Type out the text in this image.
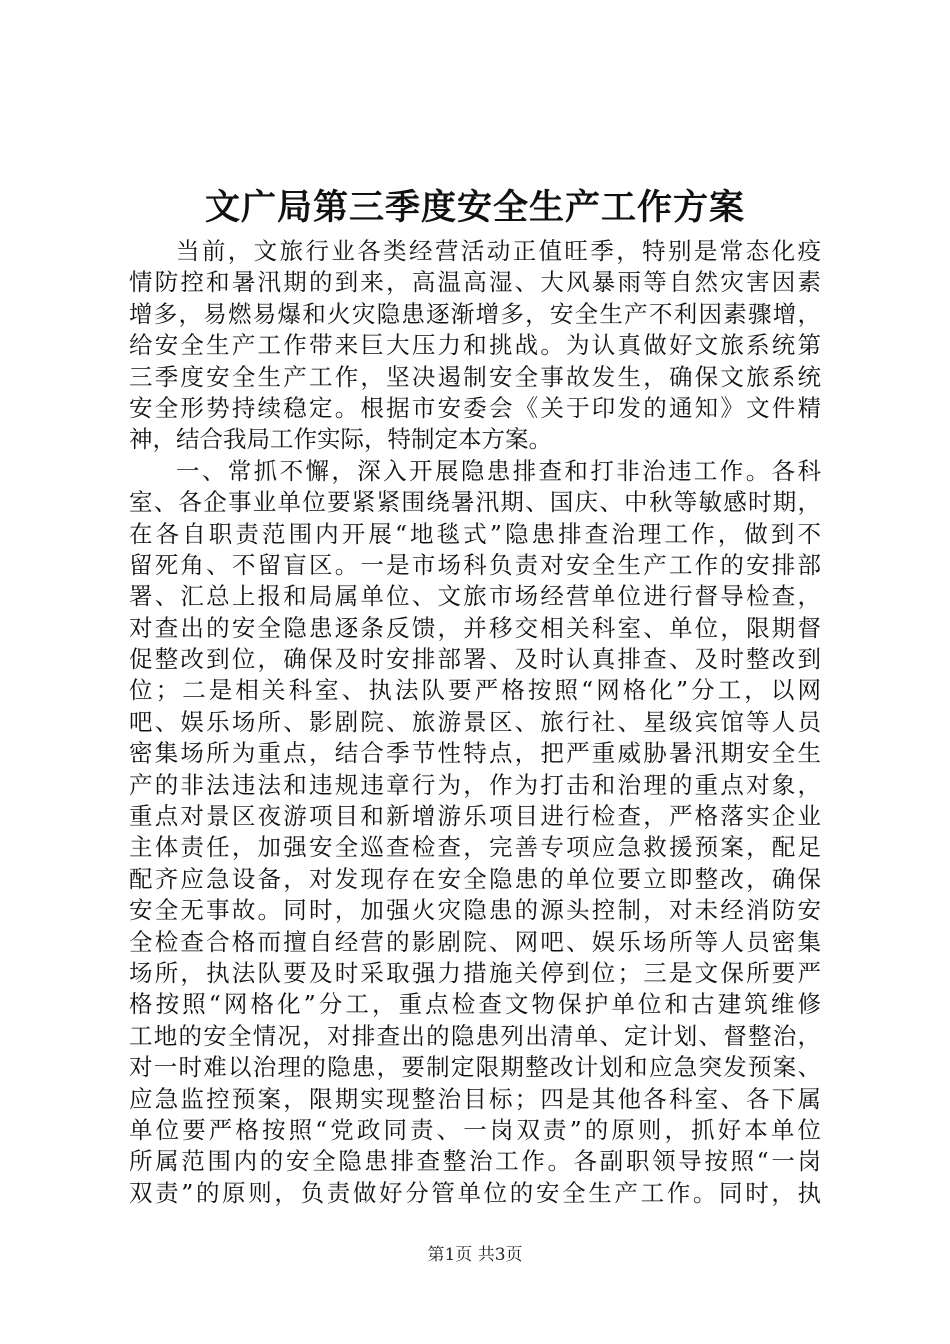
文广局第三季度安全生产工作方案
当前，文旅行业各类经营活动正值旺季，特别是常态化疫
情防控和暑汛期的到来，高温高湿、大风暴雨等自然灾害因素
增多，易燃易爆和火灾隐患逐渐增多，安全生产不利因素骤增，
给安全生产工作带来巨大压力和挑战。为认真做好文旅系统第
三季度安全生产工作，坚决遏制安全事故发生，确保文旅系统
安全形势持续稳定。根据市安委会《关于印发的通知》文件精
神，结合我局工作实际，特制定本方案。
一、常抓不懈，深入开展隐患排查和打非治违工作。各科
室、各企事业单位要紧紧围绕暑汛期、国庆、中秋等敏感时期，
在各自职责范围内开展“地毯式”隐患排查治理工作，做到不
留死角、不留盲区。一是市场科负责对安全生产工作的安排部
署、汇总上报和局属单位、文旅市场经营单位进行督导检查，
对查出的安全隐患逐条反馈，并移交相关科室、单位，限期督
促整改到位，确保及时安排部署、及时认真排查、及时整改到
位；二是相关科室、执法队要严格按照“网格化”分工，以网
吧、娱乐场所、影剧院、旅游景区、旅行社、星级宾馆等人员
密集场所为重点，结合季节性特点，把严重威胁暑汛期安全生
产的非法违法和违规违章行为，作为打击和治理的重点对象，
重点对景区夜游项目和新增游乐项目进行检查，严格落实企业
主体责任，加强安全巡查检查，完善专项应急救援预案，配足
配齐应急设备，对发现存在安全隐患的单位要立即整改，确保
安全无事故。同时，加强火灾隐患的源头控制，对未经消防安
全检查合格而擅自经营的影剧院、网吧、娱乐场所等人员密集
场所，执法队要及时采取强力措施关停到位；三是文保所要严
格按照“网格化”分工，重点检查文物保护单位和古建筑维修
工地的安全情况，对排查出的隐患列出清单、定计划、督整治，
对一时难以治理的隐患，要制定限期整改计划和应急突发预案、
应急监控预案，限期实现整治目标；四是其他各科室、各下属
单位要严格按照“党政同责、一岗双责”的原则，抓好本单位
所属范围内的安全隐患排查整治工作。各副职领导按照“一岗
双责”的原则，负责做好分管单位的安全生产工作。同时，执

第1页 共3页
